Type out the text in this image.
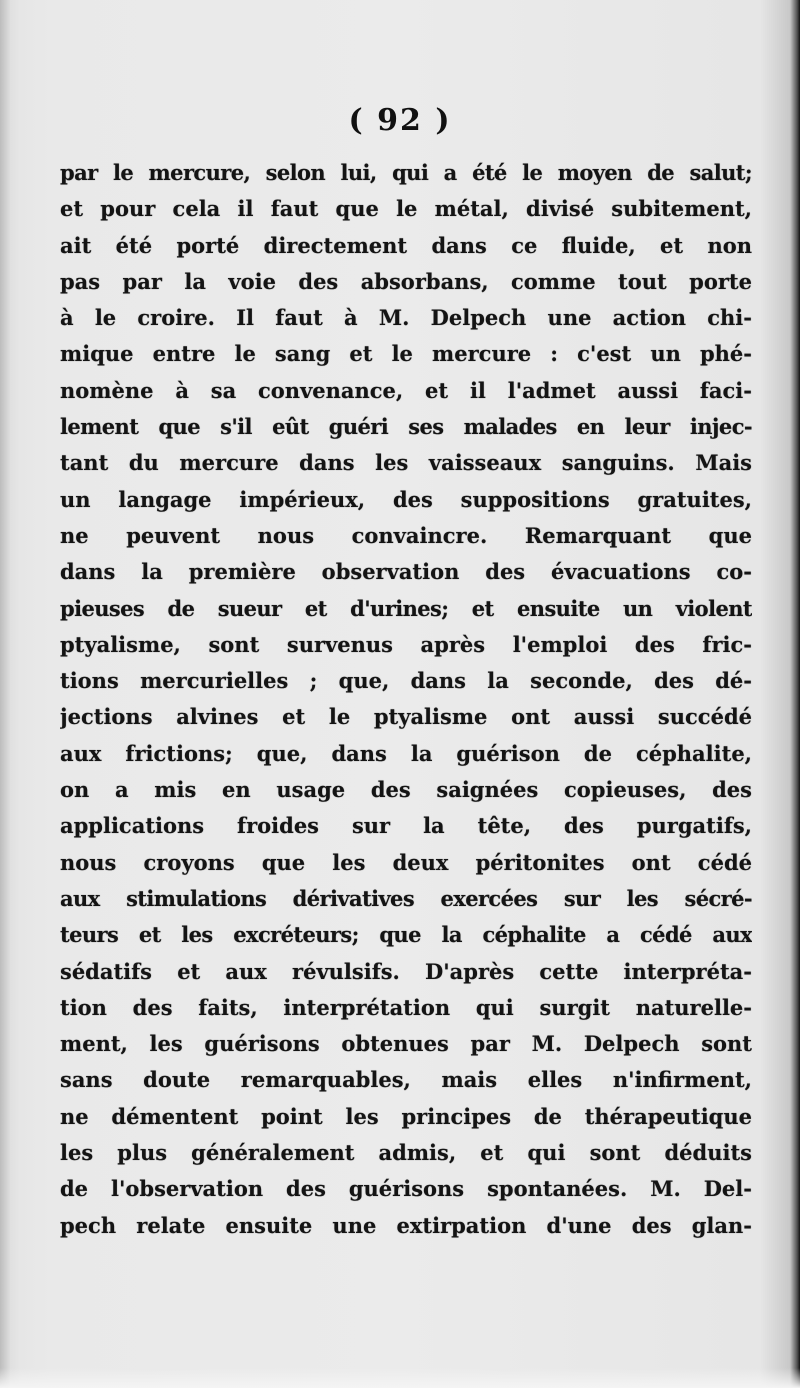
( 92 )
par le mercure, selon lui, qui a été le moyen de salut;
et pour cela il faut que le métal, divisé subitement,
ait été porté directement dans ce fluide, et non
pas par la voie des absorbans, comme tout porte
à le croire. Il faut à M. Delpech une action chi-
mique entre le sang et le mercure : c'est un phé-
nomène à sa convenance, et il l'admet aussi faci-
lement que s'il eût guéri ses malades en leur injec-
tant du mercure dans les vaisseaux sanguins. Mais
un langage impérieux, des suppositions gratuites,
ne peuvent nous convaincre. Remarquant que
dans la première observation des évacuations co-
pieuses de sueur et d'urines; et ensuite un violent
ptyalisme, sont survenus après l'emploi des fric-
tions mercurielles ; que, dans la seconde, des dé-
jections alvines et le ptyalisme ont aussi succédé
aux frictions; que, dans la guérison de céphalite,
on a mis en usage des saignées copieuses, des
applications froides sur la tête, des purgatifs,
nous croyons que les deux péritonites ont cédé
aux stimulations dérivatives exercées sur les sécré-
teurs et les excréteurs; que la céphalite a cédé aux
sédatifs et aux révulsifs. D'après cette interpréta-
tion des faits, interprétation qui surgit naturelle-
ment, les guérisons obtenues par M. Delpech sont
sans doute remarquables, mais elles n'infirment,
ne démentent point les principes de thérapeutique
les plus généralement admis, et qui sont déduits
de l'observation des guérisons spontanées. M. Del-
pech relate ensuite une extirpation d'une des glan-
